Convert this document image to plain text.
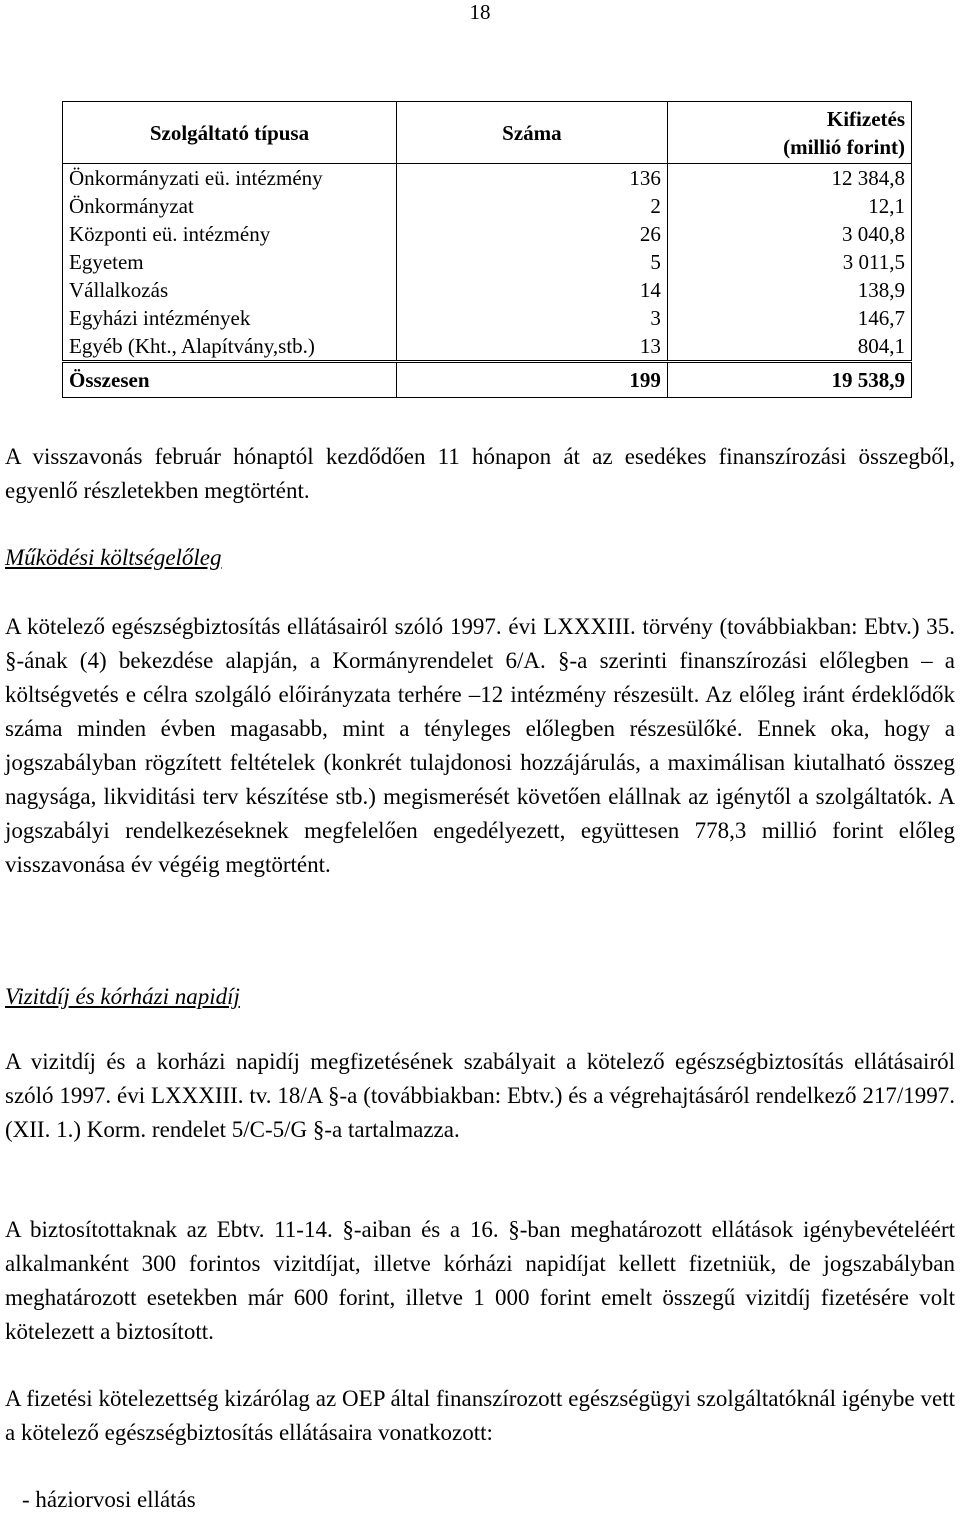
18
Szolgáltató típusa	Száma	Kifizetés
(millió forint)
Önkormányzati eü. intézmény	136	12 384,8
Önkormányzat	2	12,1
Központi eü. intézmény	26	3 040,8
Egyetem	5	3 011,5
Vállalkozás	14	138,9
Egyházi intézmények	3	146,7
Egyéb (Kht., Alapítvány,stb.)	13	804,1
Összesen	199	19 538,9

A visszavonás február hónaptól kezdődően 11 hónapon át az esedékes finanszírozási összegből, egyenlő részletekben megtörtént.

Működési költségelőleg

A kötelező egészségbiztosítás ellátásairól szóló 1997. évi LXXXIII. törvény (továbbiakban: Ebtv.) 35. §-ának (4) bekezdése alapján, a Kormányrendelet 6/A. §-a szerinti finanszírozási előlegben – a költségvetés e célra szolgáló előirányzata terhére –12 intézmény részesült. Az előleg iránt érdeklődők száma minden évben magasabb, mint a tényleges előlegben részesülőké. Ennek oka, hogy a jogszabályban rögzített feltételek (konkrét tulajdonosi hozzájárulás, a maximálisan kiutalható összeg nagysága, likviditási terv készítése stb.) megismerését követően elállnak az igénytől a szolgáltatók. A jogszabályi rendelkezéseknek megfelelően engedélyezett, együttesen 778,3 millió forint előleg visszavonása év végéig megtörtént.

Vizitdíj és kórházi napidíj

A vizitdíj és a korházi napidíj megfizetésének szabályait a kötelező egészségbiztosítás ellátásairól szóló 1997. évi LXXXIII. tv. 18/A §-a (továbbiakban: Ebtv.) és a végrehajtásáról rendelkező 217/1997. (XII. 1.) Korm. rendelet 5/C-5/G §-a tartalmazza.

A biztosítottaknak az Ebtv. 11-14. §-aiban és a 16. §-ban meghatározott ellátások igénybevételéért alkalmanként 300 forintos vizitdíjat, illetve kórházi napidíjat kellett fizetniük, de jogszabályban meghatározott esetekben már 600 forint, illetve 1 000 forint emelt összegű vizitdíj fizetésére volt kötelezett a biztosított.

A fizetési kötelezettség kizárólag az OEP által finanszírozott egészségügyi szolgáltatóknál igénybe vett a kötelező egészségbiztosítás ellátásaira vonatkozott:

- háziorvosi ellátás
